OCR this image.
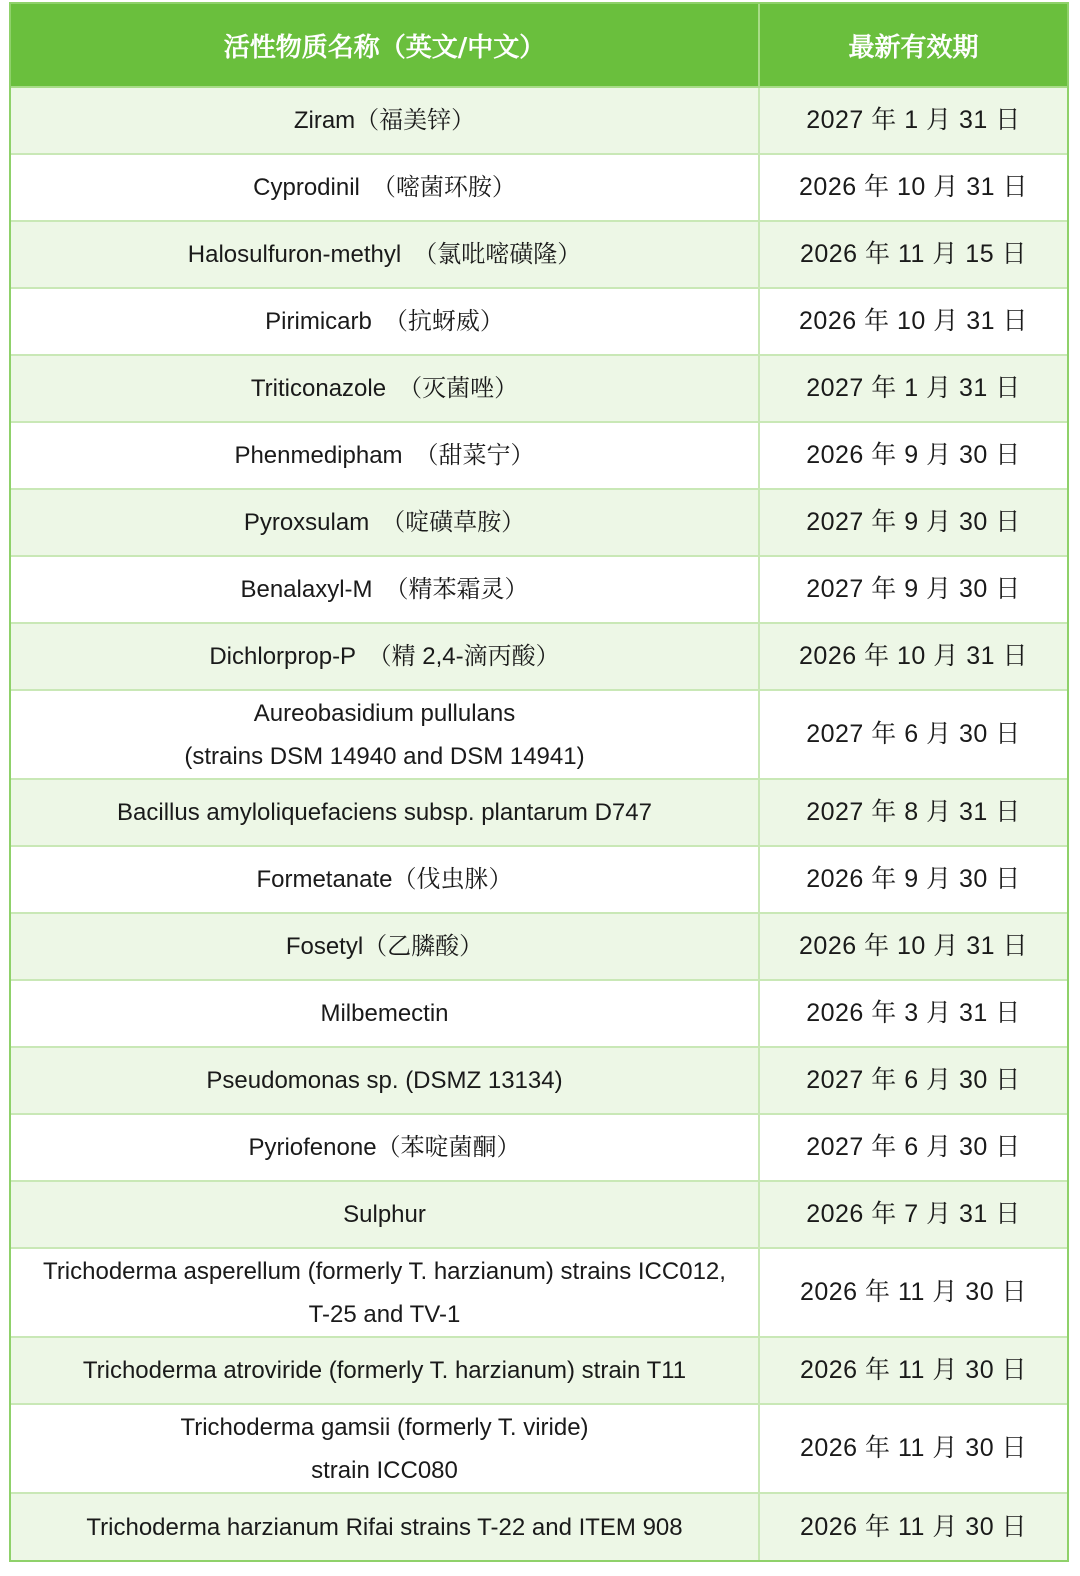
活性物质名称（英文/中文）	最新有效期

Ziram（福美锌）	2027 年 1 月 31 日

Cyprodinil　（嘧菌环胺）	2026 年 10 月 31 日

Halosulfuron-methyl　（氯吡嘧磺隆）	2026 年 11 月 15 日

Pirimicarb　（抗蚜威）	2026 年 10 月 31 日

Triticonazole　（灭菌唑）	2027 年 1 月 31 日

Phenmedipham　（甜菜宁）	2026 年 9 月 30 日

Pyroxsulam　（啶磺草胺）	2027 年 9 月 30 日

Benalaxyl-M　（精苯霜灵）	2027 年 9 月 30 日

Dichlorprop-P　（精 2,4-滴丙酸）	2026 年 10 月 31 日

Aureobasidium pullulans
(strains DSM 14940 and DSM 14941)	2027 年 6 月 30 日

Bacillus amyloliquefaciens subsp. plantarum D747	2027 年 8 月 31 日

Formetanate（伐虫脒）	2026 年 9 月 30 日

Fosetyl（乙膦酸）	2026 年 10 月 31 日

Milbemectin	2026 年 3 月 31 日

Pseudomonas sp. (DSMZ 13134)	2027 年 6 月 30 日

Pyriofenone（苯啶菌酮）	2027 年 6 月 30 日

Sulphur	2026 年 7 月 31 日

Trichoderma asperellum (formerly T. harzianum) strains ICC012,
T-25 and TV-1	2026 年 11 月 30 日

Trichoderma atroviride (formerly T. harzianum) strain T11	2026 年 11 月 30 日

Trichoderma gamsii (formerly T. viride)
strain ICC080	2026 年 11 月 30 日

Trichoderma harzianum Rifai strains T-22 and ITEM 908	2026 年 11 月 30 日
